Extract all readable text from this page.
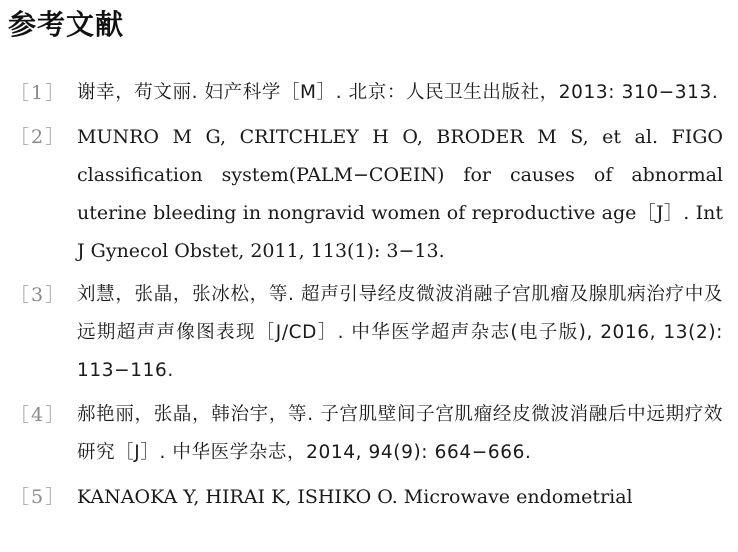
参考文献
［1］ 谢幸，苟文丽. 妇产科学［M］. 北京：人民卫生出版社，2013: 310−313.
［2］ MUNRO M G, CRITCHLEY H O, BRODER M S, et al. FIGO classification system(PALM−COEIN) for causes of abnormal uterine bleeding in nongravid women of reproductive age［J］. Int J Gynecol Obstet, 2011, 113(1): 3−13.
［3］ 刘慧，张晶，张冰松，等. 超声引导经皮微波消融子宫肌瘤及腺肌病治疗中及远期超声声像图表现［J/CD］. 中华医学超声杂志(电子版), 2016, 13(2): 113−116.
［4］ 郝艳丽，张晶，韩治宇，等. 子宫肌壁间子宫肌瘤经皮微波消融后中远期疗效研究［J］. 中华医学杂志，2014, 94(9): 664−666.
［5］ KANAOKA Y, HIRAI K, ISHIKO O. Microwave endometrial
